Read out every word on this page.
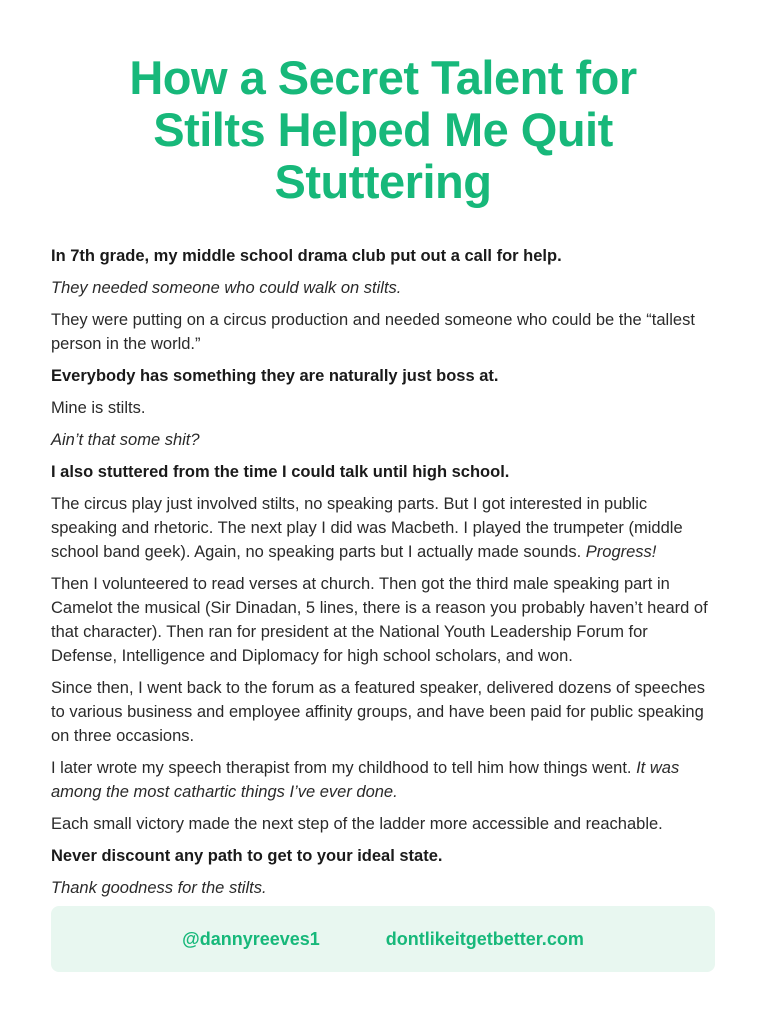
How a Secret Talent for Stilts Helped Me Quit Stuttering

In 7th grade, my middle school drama club put out a call for help.

They needed someone who could walk on stilts.

They were putting on a circus production and needed someone who could be the “tallest person in the world.”

Everybody has something they are naturally just boss at.

Mine is stilts.

Ain’t that some shit?

I also stuttered from the time I could talk until high school.

The circus play just involved stilts, no speaking parts. But I got interested in public speaking and rhetoric. The next play I did was Macbeth. I played the trumpeter (middle school band geek). Again, no speaking parts but I actually made sounds. Progress!

Then I volunteered to read verses at church. Then got the third male speaking part in Camelot the musical (Sir Dinadan, 5 lines, there is a reason you probably haven’t heard of that character). Then ran for president at the National Youth Leadership Forum for Defense, Intelligence and Diplomacy for high school scholars, and won.

Since then, I went back to the forum as a featured speaker, delivered dozens of speeches to various business and employee affinity groups, and have been paid for public speaking on three occasions.

I later wrote my speech therapist from my childhood to tell him how things went. It was among the most cathartic things I’ve ever done.

Each small victory made the next step of the ladder more accessible and reachable.

Never discount any path to get to your ideal state.

Thank goodness for the stilts.

@dannyreeves1	dontlikeitgetbetter.com
